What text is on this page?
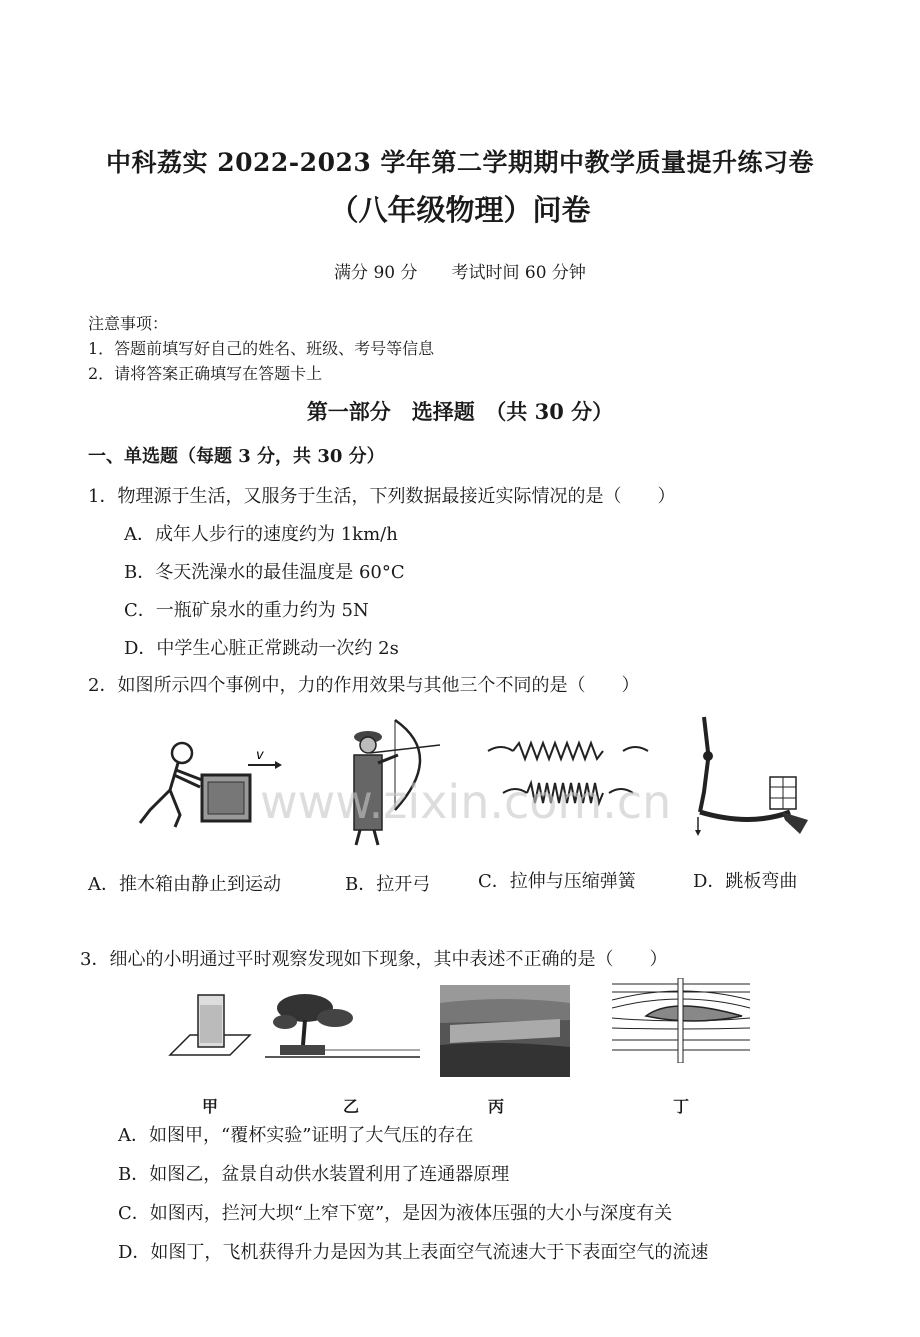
中科荔实 2022-2023 学年第二学期期中教学质量提升练习卷
（八年级物理）问卷
满分 90 分　　考试时间 60 分钟
注意事项：
1．答题前填写好自己的姓名、班级、考号等信息
2．请将答案正确填写在答题卡上
第一部分　选择题　（共 30 分）
一、单选题（每题 3 分，共 30 分）
1．物理源于生活，又服务于生活，下列数据最接近实际情况的是（　　）
A．成年人步行的速度约为 1km/h
B．冬天洗澡水的最佳温度是 60°C
C．一瓶矿泉水的重力约为 5N
D．中学生心脏正常跳动一次约 2s
2．如图所示四个事例中，力的作用效果与其他三个不同的是（　　）
v
www.zixin.com.cn
A．推木箱由静止到运动	B．拉开弓	C．拉伸与压缩弹簧	D．跳板弯曲
3．细心的小明通过平时观察发现如下现象，其中表述不正确的是（　　）
甲	乙	丙	丁
A．如图甲，“覆杯实验”证明了大气压的存在
B．如图乙，盆景自动供水装置利用了连通器原理
C．如图丙，拦河大坝“上窄下宽”，是因为液体压强的大小与深度有关
D．如图丁，飞机获得升力是因为其上表面空气流速大于下表面空气的流速
